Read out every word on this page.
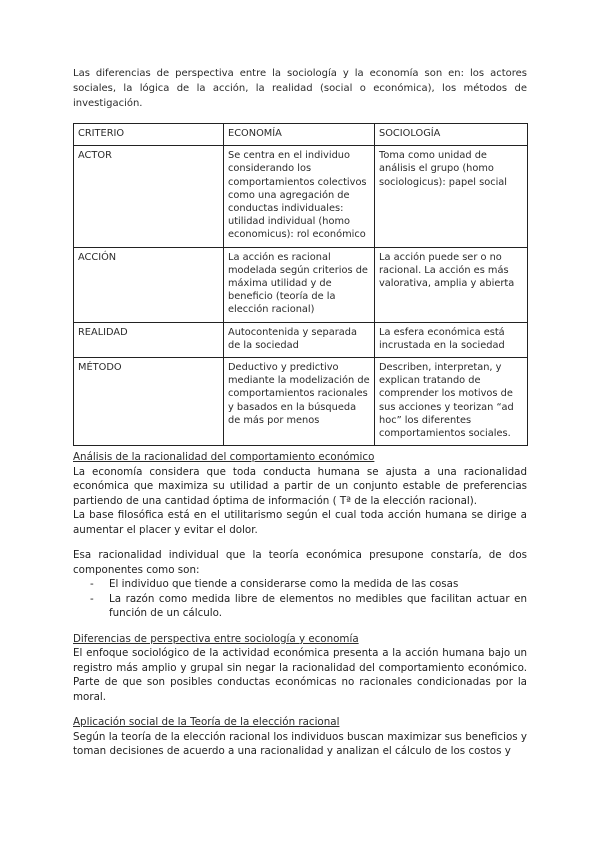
Las diferencias de perspectiva entre la sociología y la economía son en: los actores sociales, la lógica de la acción, la realidad (social o económica), los métodos de investigación.

CRITERIO	ECONOMÍA	SOCIOLOGÍA
ACTOR	Se centra en el individuo considerando los comportamientos colectivos como una agregación de conductas individuales: utilidad individual (homo economicus): rol económico	Toma como unidad de análisis el grupo (homo sociologicus): papel social
ACCIÓN	La acción es racional modelada según criterios de máxima utilidad y de beneficio (teoría de la elección racional)	La acción puede ser o no racional. La acción es más valorativa, amplia y abierta
REALIDAD	Autocontenida y separada de la sociedad	La esfera económica está incrustada en la sociedad
MÉTODO	Deductivo y predictivo mediante la modelización de comportamientos racionales y basados en la búsqueda de más por menos	Describen, interpretan, y explican tratando de comprender los motivos de sus acciones y teorizan “ad hoc” los diferentes comportamientos sociales.

Análisis de la racionalidad del comportamiento económico

La economía considera que toda conducta humana se ajusta a una racionalidad económica que maximiza su utilidad a partir de un conjunto estable de preferencias partiendo de una cantidad óptima de información ( Tª de la elección racional).

La base filosófica está en el utilitarismo según el cual toda acción humana se dirige a aumentar el placer y evitar el dolor.

Esa racionalidad individual que la teoría económica presupone constaría, de dos componentes como son:

- El individuo que tiende a considerarse como la medida de las cosas
- La razón como medida libre de elementos no medibles que facilitan actuar en función de un cálculo.

Diferencias de perspectiva entre sociología y economía

El enfoque sociológico de la actividad económica presenta a la acción humana bajo un registro más amplio y grupal sin negar la racionalidad del comportamiento económico. Parte de que son posibles conductas económicas no racionales condicionadas por la moral.

Aplicación social de la Teoría de la elección racional

Según la teoría de la elección racional los individuos buscan maximizar sus beneficios y toman decisiones de acuerdo a una racionalidad y analizan el cálculo de los costos y
